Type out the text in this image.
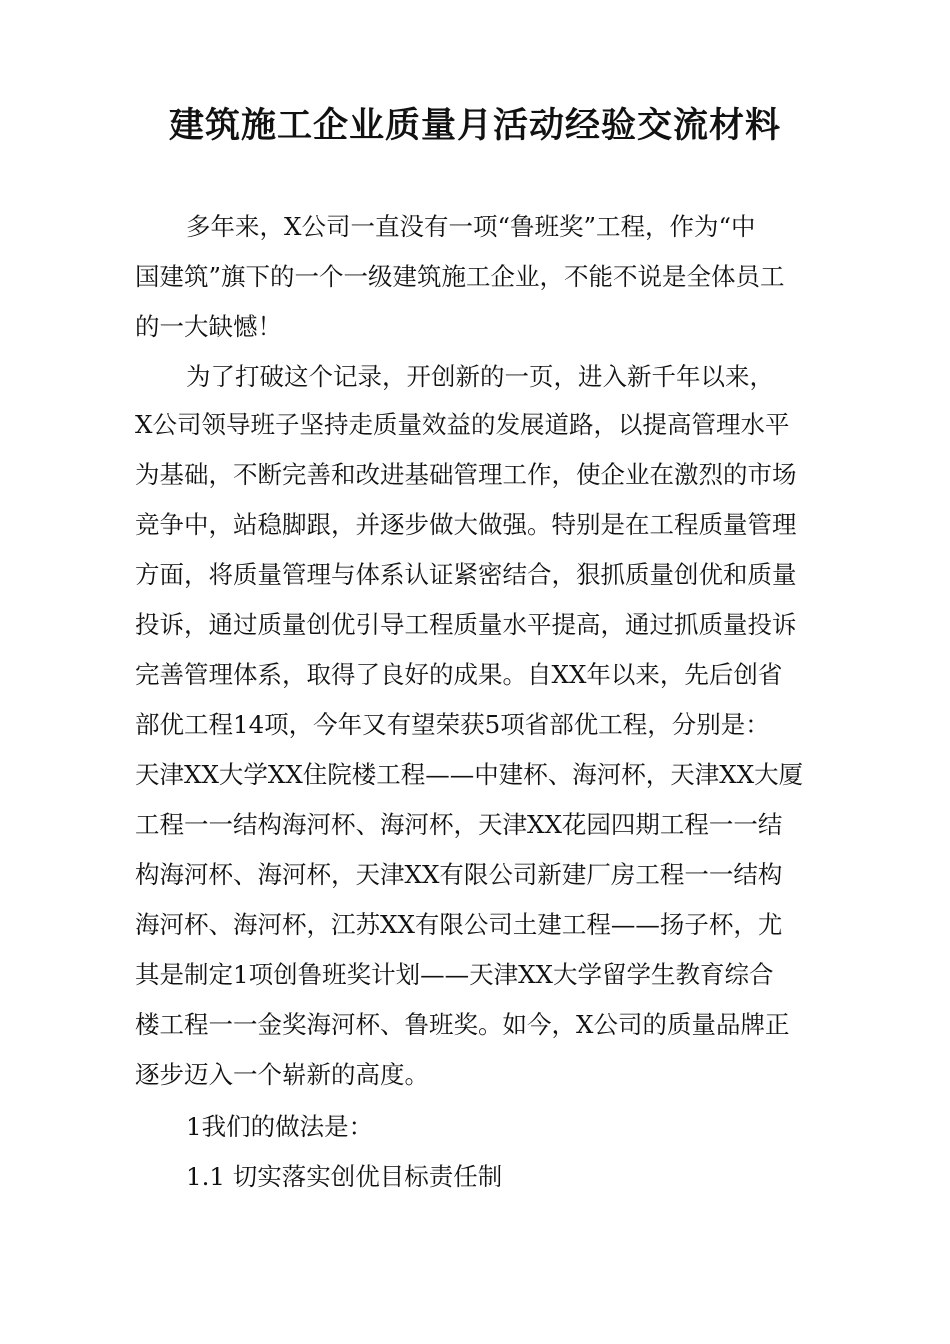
建筑施工企业质量月活动经验交流材料
多年来，X公司一直没有一项“鲁班奖”工程，作为“中
国建筑”旗下的一个一级建筑施工企业，不能不说是全体员工
的一大缺憾！
为了打破这个记录，开创新的一页，进入新千年以来，
X公司领导班子坚持走质量效益的发展道路，以提高管理水平
为基础，不断完善和改进基础管理工作，使企业在激烈的市场
竞争中，站稳脚跟，并逐步做大做强。特别是在工程质量管理
方面，将质量管理与体系认证紧密结合，狠抓质量创优和质量
投诉，通过质量创优引导工程质量水平提高，通过抓质量投诉
完善管理体系，取得了良好的成果。自XX年以来，先后创省
部优工程14项，今年又有望荣获5项省部优工程，分别是：
天津XX大学XX住院楼工程——中建杯、海河杯，天津XX大厦
工程一一结构海河杯、海河杯，天津XX花园四期工程一一结
构海河杯、海河杯，天津XX有限公司新建厂房工程一一结构
海河杯、海河杯，江苏XX有限公司土建工程——扬子杯，尤
其是制定1项创鲁班奖计划——天津XX大学留学生教育综合
楼工程一一金奖海河杯、鲁班奖。如今，X公司的质量品牌正
逐步迈入一个崭新的高度。
1我们的做法是：
1.1 切实落实创优目标责任制
